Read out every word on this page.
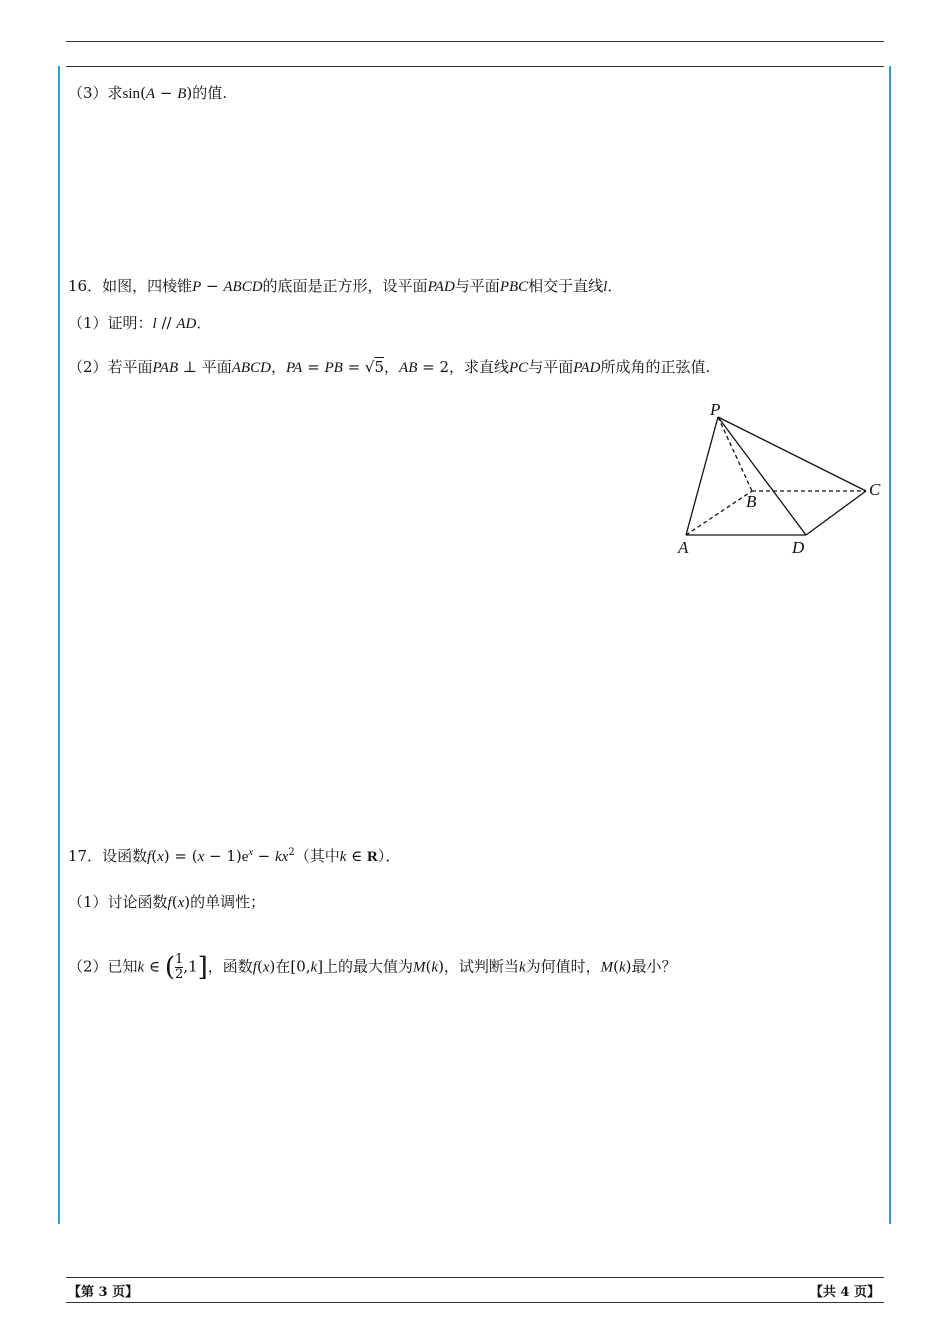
（3）求sin(A − B)的值.
16．如图，四棱锥P − ABCD的底面是正方形，设平面PAD与平面PBC相交于直线l．
（1）证明：l // AD．
（2）若平面PAB ⊥ 平面ABCD，PA = PB = √5，AB = 2，求直线PC与平面PAD所成角的正弦值.
P
A
B
C
D
17．设函数$f(x) = (x - 1)e^x - kx^2$（其中k ∈ R）．
（1）讨论函数f(x)的单调性；
（2）已知k ∈ ( $\frac{1}{2} ,1$]，函数f(x)在[0,k]上的最大值为M(k)，试判断当k为何值时，M(k)最小？
【第 3 页】	【共 4 页】
